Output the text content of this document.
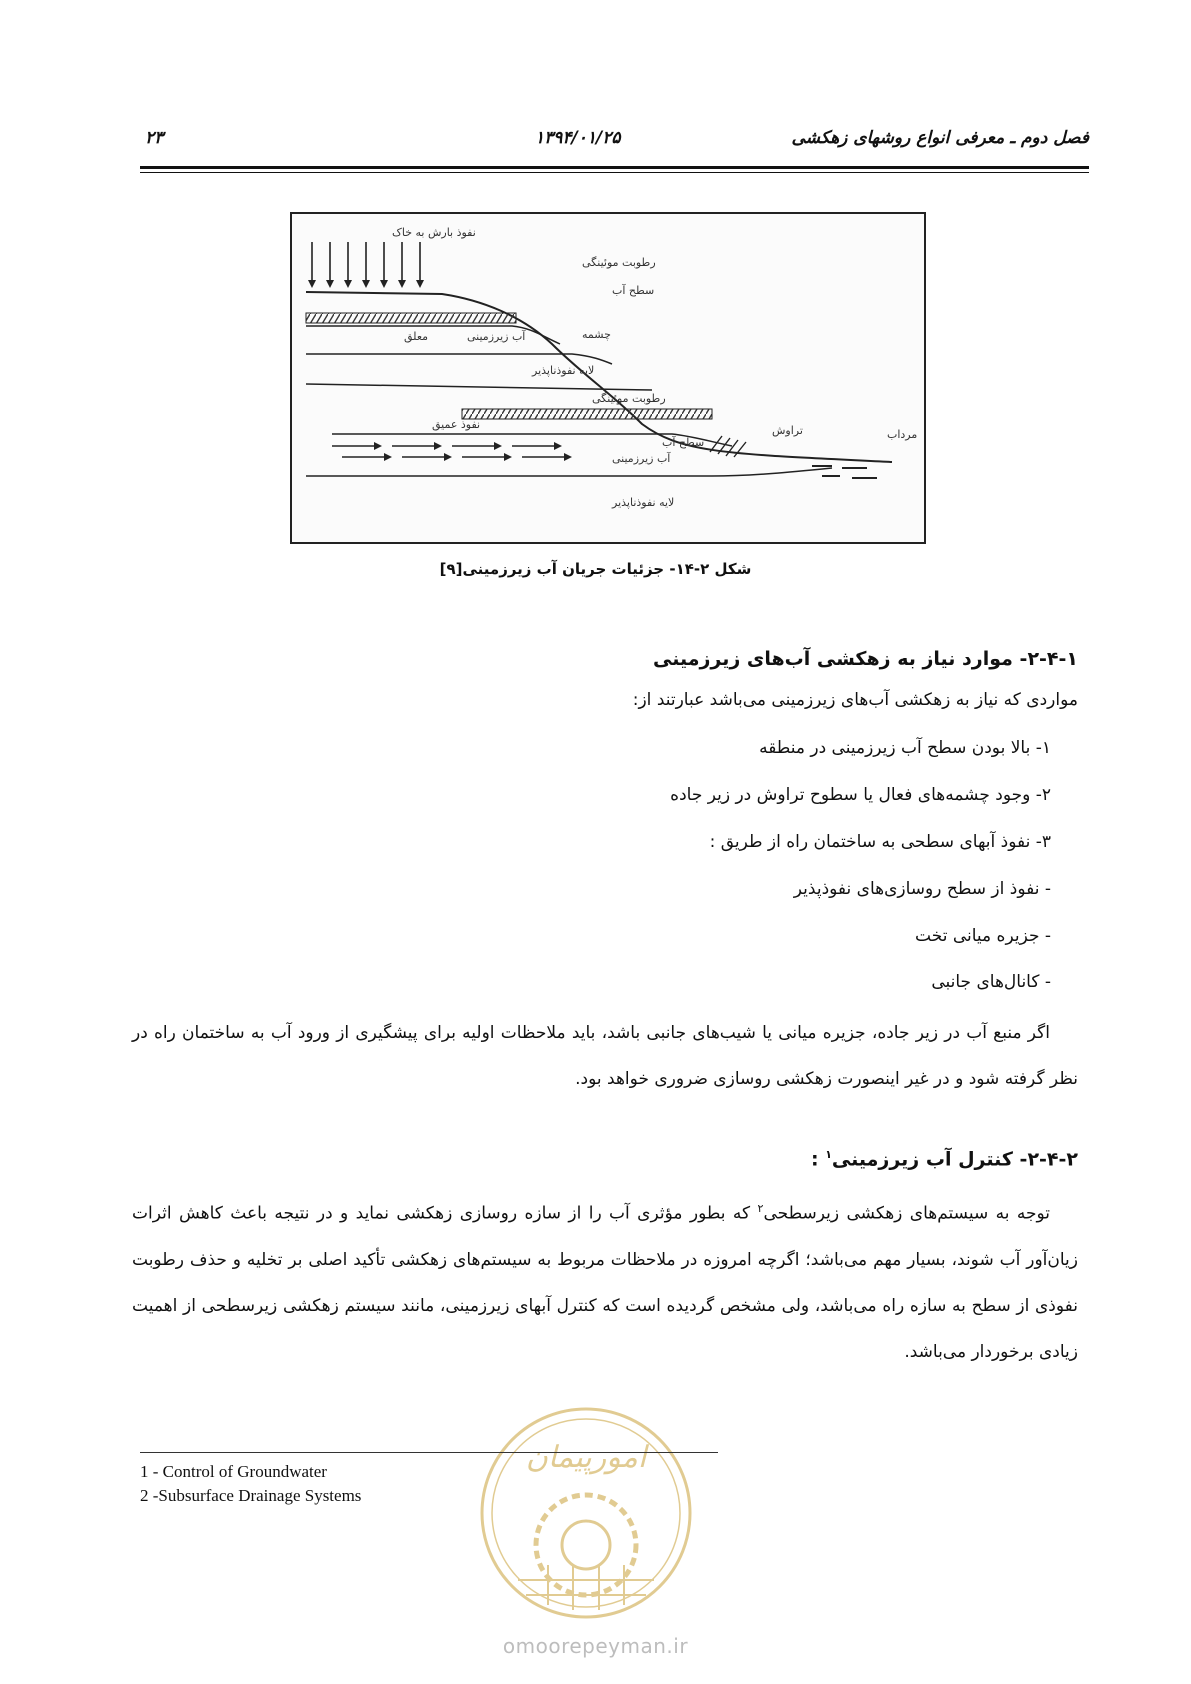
فصل دوم ـ معرفی انواع روشهای زهکشی
۱۳۹۴/۰۱/۲۵
۲۳
نفوذ بارش به خاک
رطوبت موئینگی
سطح آب
آب زیرزمینی
معلق	چشمه
لایه نفوذناپذیر
رطوبت موئینگی
نفوذ عمیق
سطح آب
آب زیرزمینی
تراوش	مرداب
لایه نفوذناپذیر
شکل ۲-۱۴- جزئیات جریان آب زیرزمینی[۹]
۲-۴-۱- موارد نیاز به زهکشی آب‌های زیرزمینی
مواردی که نیاز به زهکشی آب‌های زیرزمینی می‌باشد عبارتند از:
۱- بالا بودن سطح آب زیرزمینی در منطقه
۲- وجود چشمه‌های فعال یا سطوح تراوش در زیر جاده
۳- نفوذ آبهای سطحی به ساختمان راه از طریق :
- نفوذ از سطح روسازی‌های نفوذپذیر
- جزیره میانی تخت
- کانال‌های جانبی
اگر منبع آب در زیر جاده، جزیره میانی یا شیب‌های جانبی باشد، باید ملاحظات اولیه برای پیشگیری از ورود آب به ساختمان راه در نظر گرفته شود و در غیر اینصورت زهکشی روسازی ضروری خواهد بود.
۲-۴-۲- کنترل آب زیرزمینی$^۱$ :
توجه به سیستم‌های زهکشی زیرسطحی$^۲$ که بطور مؤثری آب را از سازه روسازی زهکشی نماید و در نتیجه باعث کاهش اثرات زیان‌آور آب شوند، بسیار مهم می‌باشد؛ اگرچه امروزه در ملاحظات مربوط به سیستم‌های زهکشی تأکید اصلی بر تخلیه و حذف رطوبت نفوذی از سطح به سازه راه می‌باشد، ولی مشخص گردیده است که کنترل آبهای زیرزمینی، مانند سیستم زهکشی زیرسطحی از اهمیت زیادی برخوردار می‌باشد.
امورپیمان
1 - Control of Groundwater
2 -Subsurface Drainage Systems
omoorepeyman.ir
